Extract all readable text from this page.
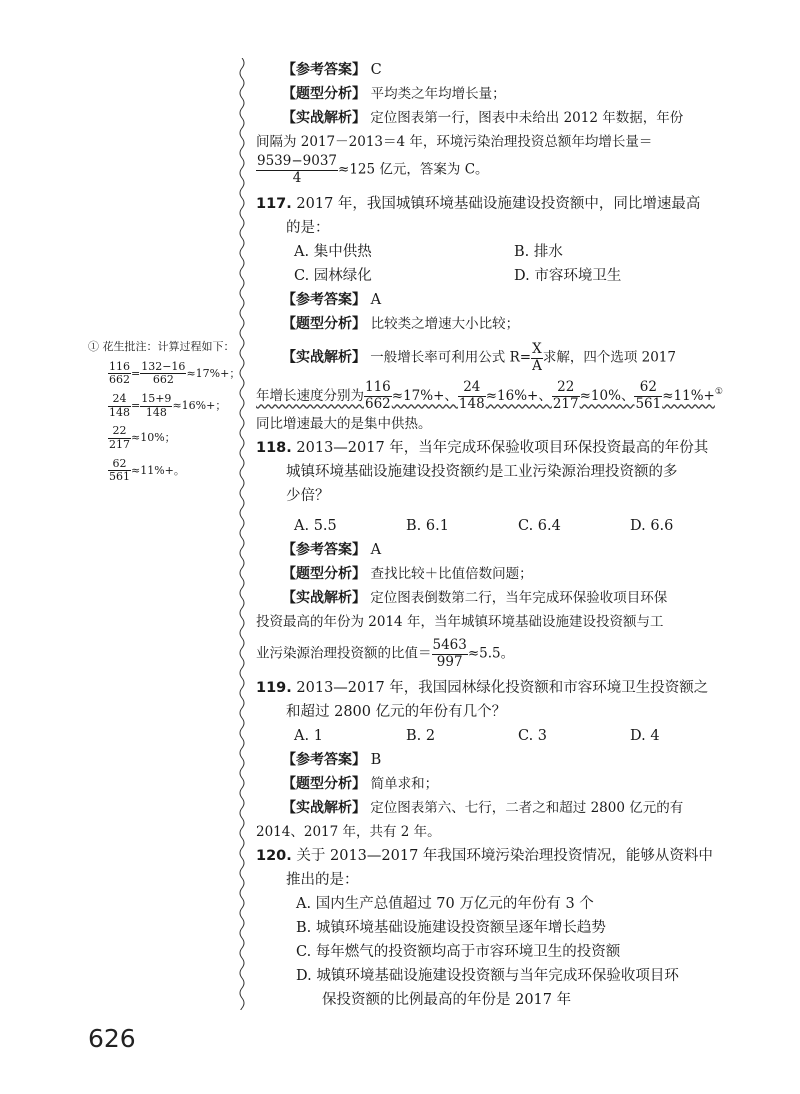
① 花生批注：计算过程如下：
$\frac{116}{662} = \frac{132-16}{662} \approx 17\%+$；
$\frac{24}{148} = \frac{15+9}{148} \approx 16\%+$；
$\frac{22}{217} \approx 10\%$；
$\frac{62}{561} \approx 11\%+$。
【参考答案】 C
【题型分析】 平均类之年均增长量；
【实战解析】 定位图表第一行，图表中未给出 2012 年数据，年份
间隔为 2017－2013＝4 年，环境污染治理投资总额年均增长量＝
$\frac{9539-9037}{4} \approx 125$ 亿元，答案为 C。
117. 2017 年，我国城镇环境基础设施建设投资额中，同比增速最高
的是：
A. 集中供热	B. 排水
C. 园林绿化	D. 市容环境卫生
【参考答案】 A
【题型分析】 比较类之增速大小比较；
【实战解析】 一般增长率可利用公式 $R= \frac{X}{A}$ 求解，四个选项 2017
年增长速度分别为 $\frac{116}{662} \approx 17\%+$、 $\frac{24}{148} \approx 16\%+$、 $\frac{22}{217} \approx 10\%$、 $\frac{62}{561} \approx 11\%+^①$
同比增速最大的是集中供热。
118. 2013—2017 年，当年完成环保验收项目环保投资最高的年份其
城镇环境基础设施建设投资额约是工业污染源治理投资额的多
少倍？
A. 5.5	B. 6.1	C. 6.4	D. 6.6
【参考答案】 A
【题型分析】 查找比较＋比值倍数问题；
【实战解析】 定位图表倒数第二行，当年完成环保验收项目环保
投资最高的年份为 2014 年，当年城镇环境基础设施建设投资额与工
业污染源治理投资额的比值＝ $\frac{5463}{997} \approx 5.5$。
119. 2013—2017 年，我国园林绿化投资额和市容环境卫生投资额之
和超过 2800 亿元的年份有几个？
A. 1	B. 2	C. 3	D. 4
【参考答案】 B
【题型分析】 简单求和；
【实战解析】 定位图表第六、七行，二者之和超过 2800 亿元的有
2014、2017 年，共有 2 年。
120. 关于 2013—2017 年我国环境污染治理投资情况，能够从资料中
推出的是：
A. 国内生产总值超过 70 万亿元的年份有 3 个
B. 城镇环境基础设施建设投资额呈逐年增长趋势
C. 每年燃气的投资额均高于市容环境卫生的投资额
D. 城镇环境基础设施建设投资额与当年完成环保验收项目环
保投资额的比例最高的年份是 2017 年
626
